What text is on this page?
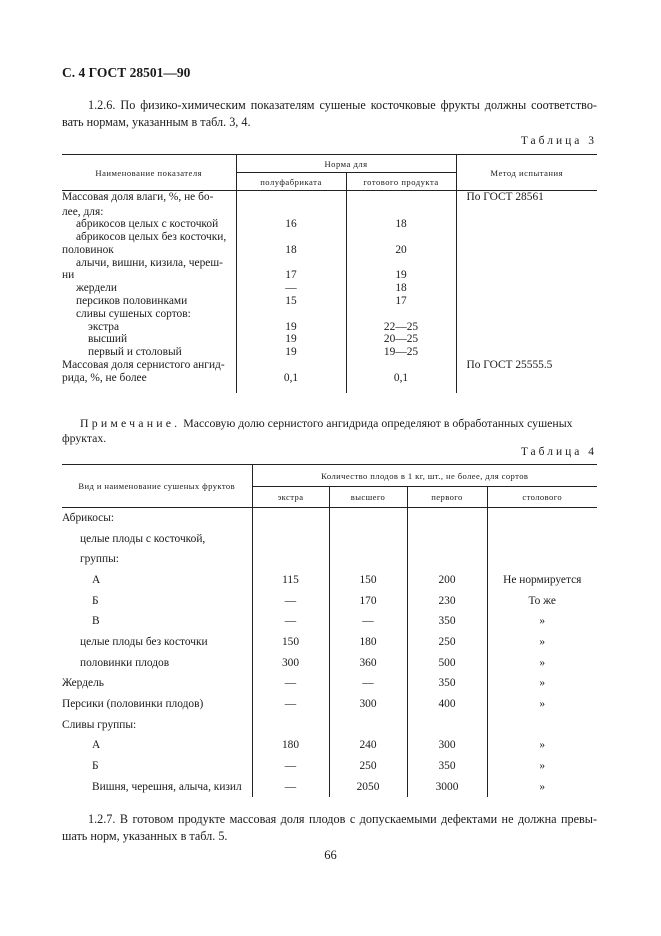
С. 4 ГОСТ 28501—90
1.2.6. По физико-химическим показателям сушеные косточковые фрукты должны соответство-вать нормам, указанным в табл. 3, 4.
Таблица 3
Наименование показателя	Норма для		Метод испытания
	полуфабриката	готового продукта	
Массовая доля влаги, %, не бо-			По ГОСТ 28561
лее, для:			
абрикосов целых с косточкой	16	18	
абрикосов целых без косточки,			
половинок	18	20	
алычи, вишни, кизила, череш-			
ни	17	19	
жердели	—	18	
персиков половинками	15	17	
сливы сушеных сортов:			
экстра	19	22—25	
высший	19	20—25	
первый и столовый	19	19—25	
Массовая доля сернистого ангид-			По ГОСТ 25555.5
рида, %, не более	0,1	0,1	
Примечание. Массовую долю сернистого ангидрида определяют в обработанных сушеных фруктах.
Таблица 4
Вид и наименование сушеных фруктов	Количество плодов в 1 кг, шт., не более, для сортов			
	экстра	высшего	первого	столового
Абрикосы:				
целые плоды с косточкой,				
группы:				
А	115	150	200	Не нормируется
Б	—	170	230	То же
В	—	—	350	»
целые плоды без косточки	150	180	250	»
половинки плодов	300	360	500	»
Жердель	—	—	350	»
Персики (половинки плодов)	—	300	400	»
Сливы группы:				
А	180	240	300	»
Б	—	250	350	»
Вишня, черешня, алыча, кизил	—	2050	3000	»
1.2.7. В готовом продукте массовая доля плодов с допускаемыми дефектами не должна превы-шать норм, указанных в табл. 5.
66
